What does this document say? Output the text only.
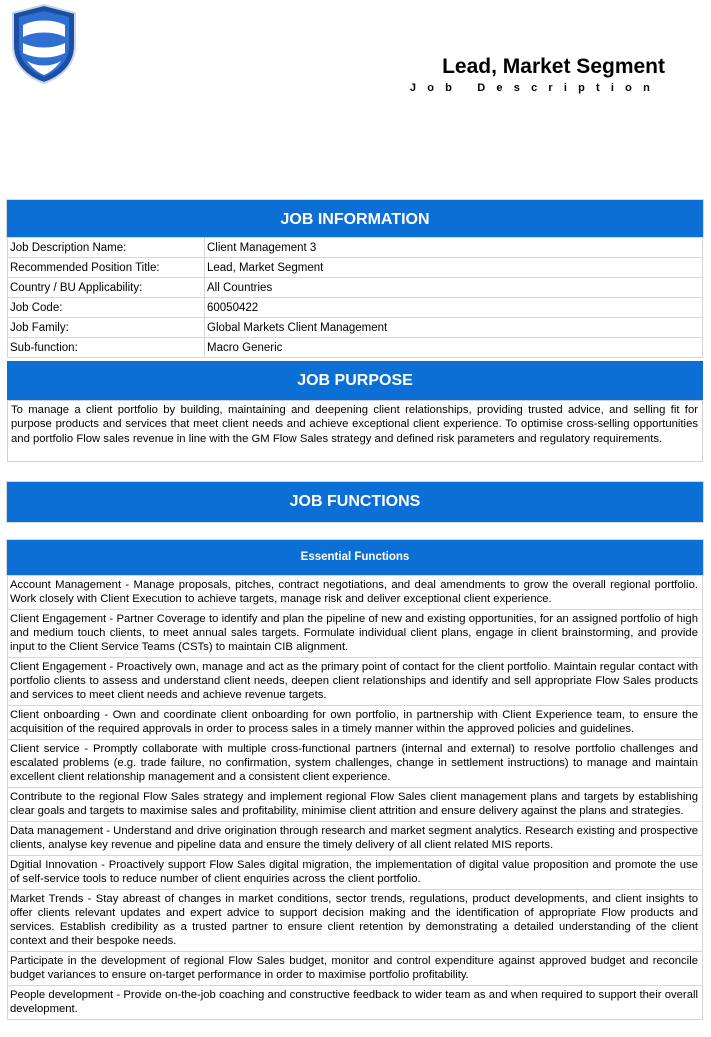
Lead, Market Segment
Job Description
JOB INFORMATION
Job Description Name:	Client Management 3
Recommended Position Title:	Lead, Market Segment
Country / BU Applicability:	All Countries
Job Code:	60050422
Job Family:	Global Markets Client Management
Sub-function:	Macro Generic
JOB PURPOSE
To manage a client portfolio by building, maintaining and deepening client relationships, providing trusted advice, and selling fit for purpose products and services that meet client needs and achieve exceptional client experience. To optimise cross-selling opportunities and portfolio Flow sales revenue in line with the GM Flow Sales strategy and defined risk parameters and regulatory requirements.
JOB FUNCTIONS
Essential Functions
Account Management - Manage proposals, pitches, contract negotiations, and deal amendments to grow the overall regional portfolio. Work closely with Client Execution to achieve targets, manage risk and deliver exceptional client experience.
Client Engagement - Partner Coverage to identify and plan the pipeline of new and existing opportunities, for an assigned portfolio of high and medium touch clients, to meet annual sales targets. Formulate individual client plans, engage in client brainstorming, and provide input to the Client Service Teams (CSTs) to maintain CIB alignment.
Client Engagement - Proactively own, manage and act as the primary point of contact for the client portfolio. Maintain regular contact with portfolio clients to assess and understand client needs, deepen client relationships and identify and sell appropriate Flow Sales products and services to meet client needs and achieve revenue targets.
Client onboarding - Own and coordinate client onboarding for own portfolio, in partnership with Client Experience team, to ensure the acquisition of the required approvals in order to process sales in a timely manner within the approved policies and guidelines.
Client service - Promptly collaborate with multiple cross-functional partners (internal and external) to resolve portfolio challenges and escalated problems (e.g. trade failure, no confirmation, system challenges, change in settlement instructions) to manage and maintain excellent client relationship management and a consistent client experience.
Contribute to the regional Flow Sales strategy and implement regional Flow Sales client management plans and targets by establishing clear goals and targets to maximise sales and profitability, minimise client attrition and ensure delivery against the plans and strategies.
Data management - Understand and drive origination through research and market segment analytics. Research existing and prospective clients, analyse key revenue and pipeline data and ensure the timely delivery of all client related MIS reports.
Dgitial Innovation - Proactively support Flow Sales digital migration, the implementation of digital value proposition and promote the use of self-service tools to reduce number of client enquiries across the client portfolio.
Market Trends - Stay abreast of changes in market conditions, sector trends, regulations, product developments, and client insights to offer clients relevant updates and expert advice to support decision making and the identification of appropriate Flow products and services. Establish credibility as a trusted partner to ensure client retention by demonstrating a detailed understanding of the client context and their bespoke needs.
Participate in the development of regional Flow Sales budget, monitor and control expenditure against approved budget and reconcile budget variances to ensure on-target performance in order to maximise portfolio profitability.
People development - Provide on-the-job coaching and constructive feedback to wider team as and when required to support their overall development.
